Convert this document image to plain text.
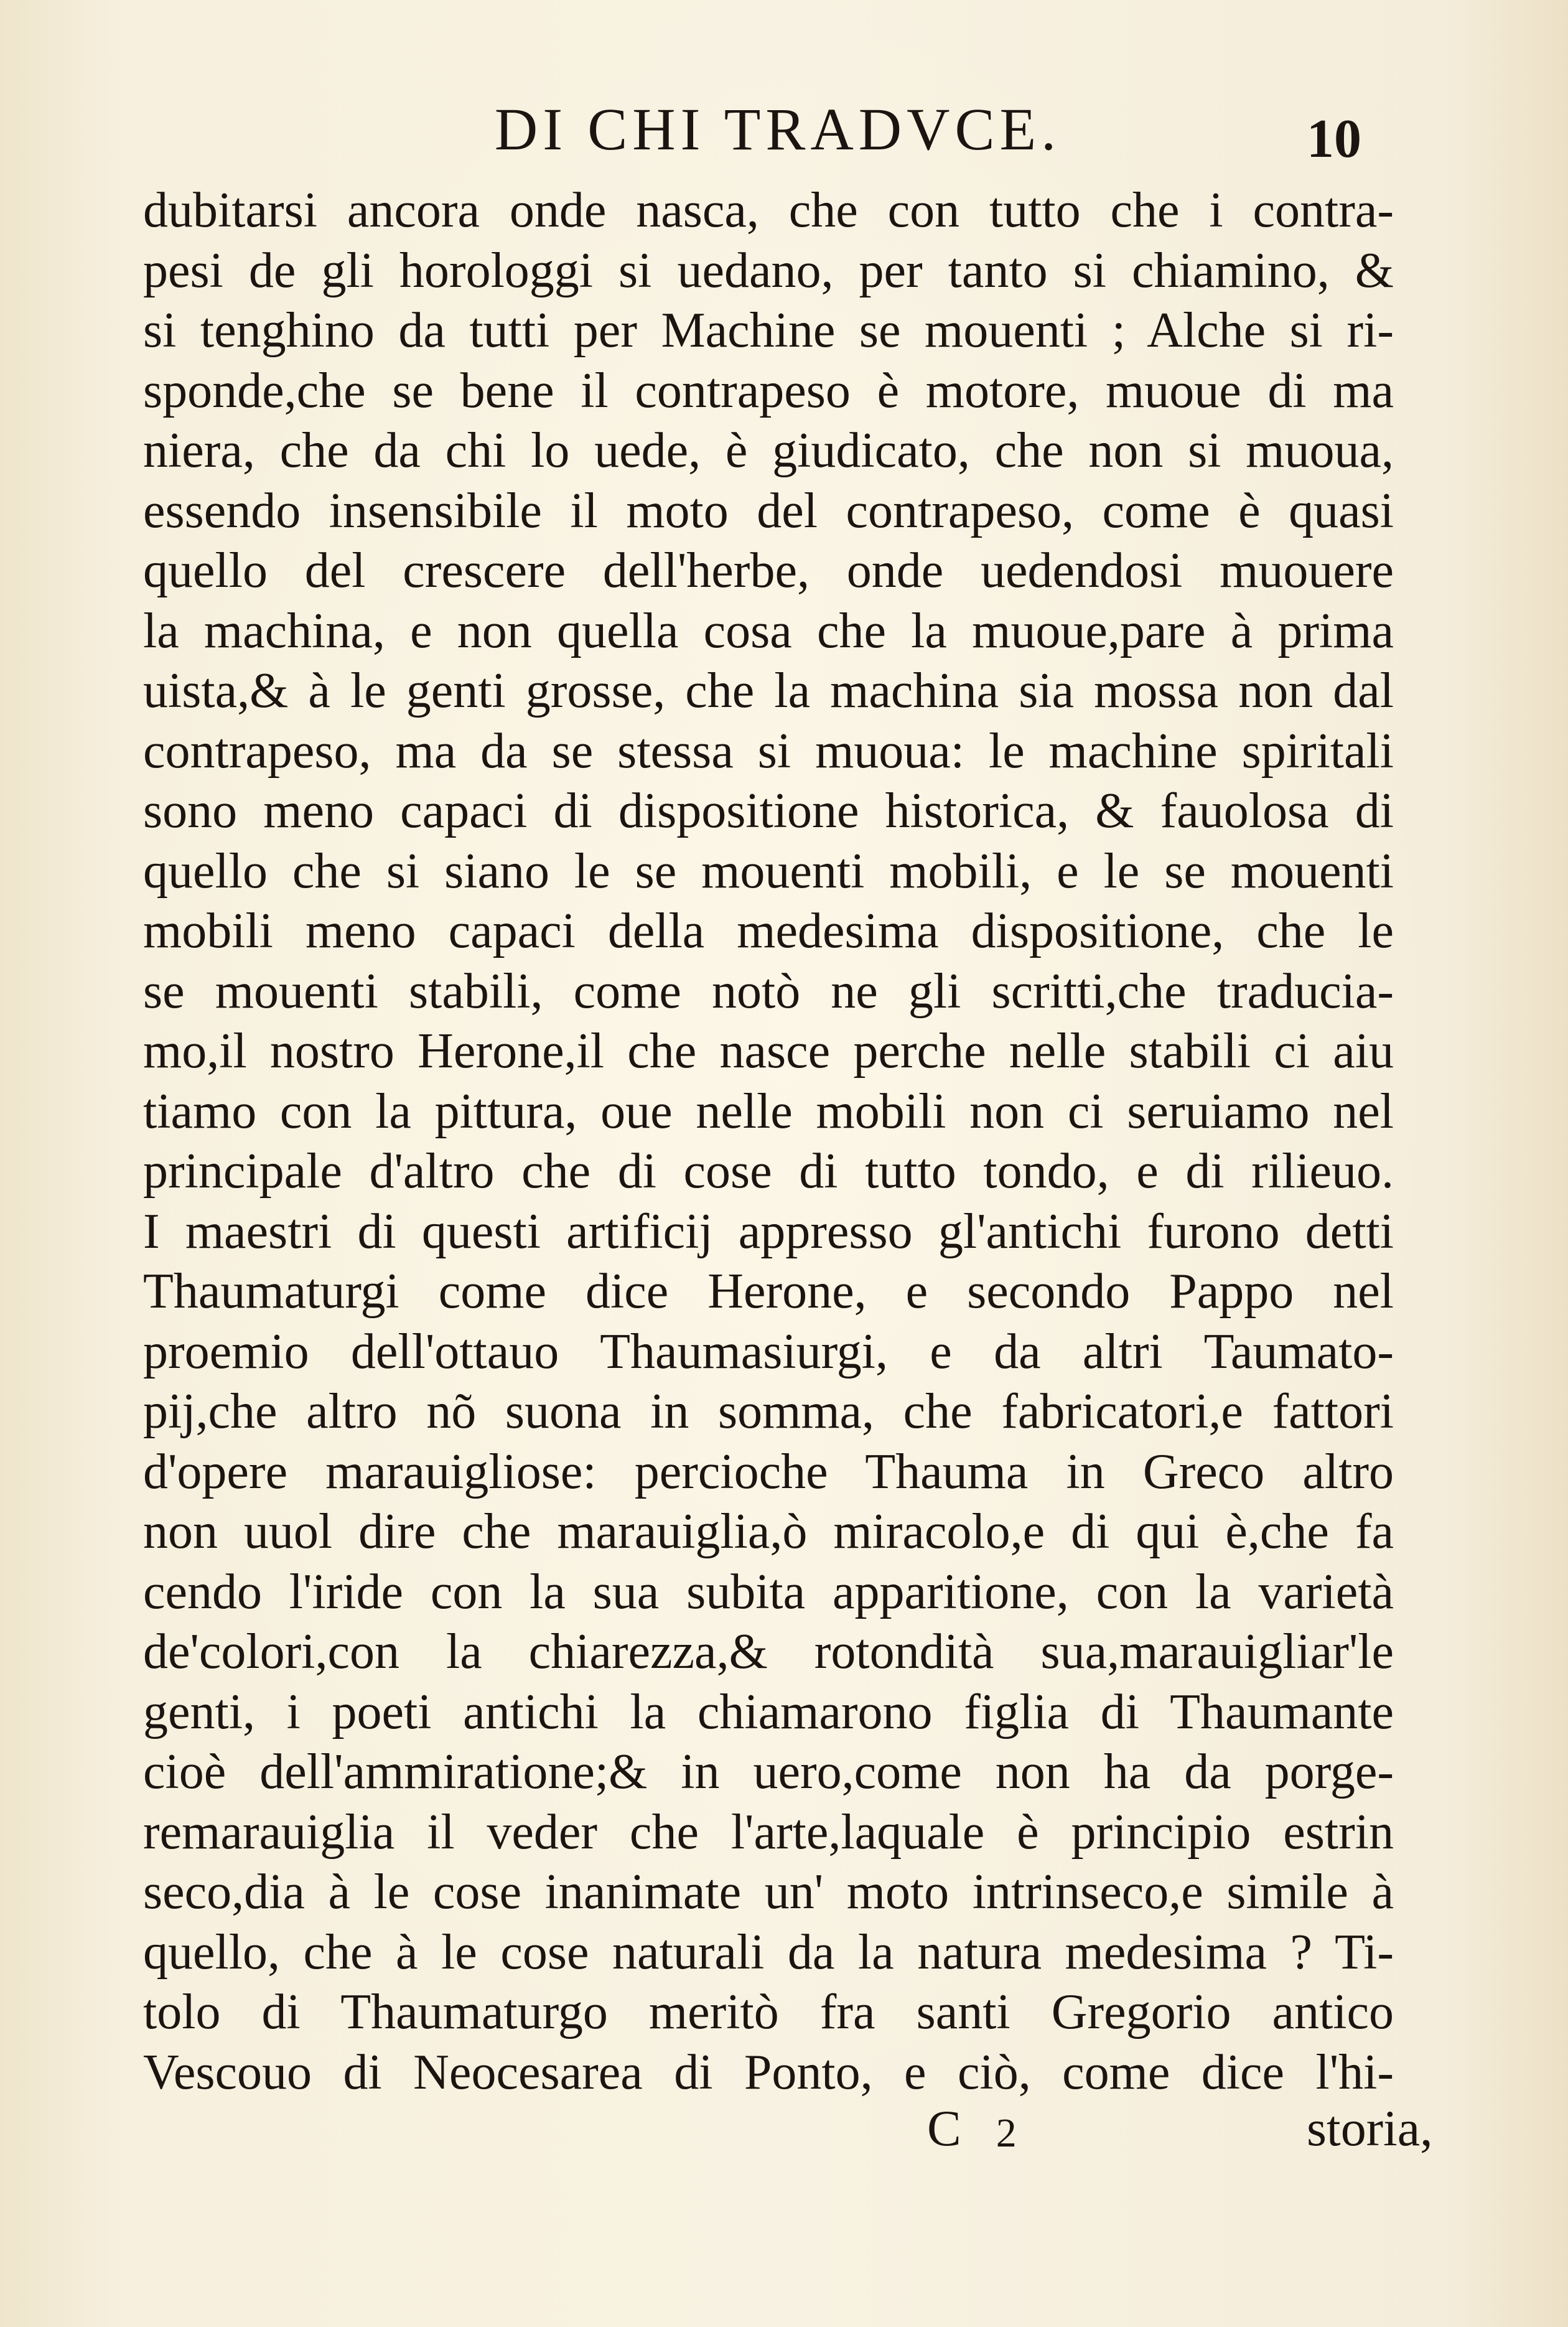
DI CHI TRADVCE.	10
dubitarsi ancora onde nasca, che con tutto che i contra-
pesi de gli horologgi si uedano, per tanto si chiamino, &
si tenghino da tutti per Machine se mouenti ; Alche si ri-
sponde,che se bene il contrapeso è motore, muoue di ma
niera, che da chi lo uede, è giudicato, che non si muoua,
essendo insensibile il moto del contrapeso, come è quasi
quello del crescere dell'herbe, onde uedendosi muouere
la machina, e non quella cosa che la muoue,pare à prima
uista,& à le genti grosse, che la machina sia mossa non dal
contrapeso, ma da se stessa si muoua: le machine spiritali
sono meno capaci di dispositione historica, & fauolosa di
quello che si siano le se mouenti mobili, e le se mouenti
mobili meno capaci della medesima dispositione, che le
se mouenti stabili, come notò ne gli scritti,che traducia-
mo,il nostro Herone,il che nasce perche nelle stabili ci aiu
tiamo con la pittura, oue nelle mobili non ci seruiamo nel
principale d'altro che di cose di tutto tondo, e di rilieuo.
I maestri di questi artificij appresso gl'antichi furono detti
Thaumaturgi come dice Herone, e secondo Pappo nel
proemio dell'ottauo Thaumasiurgi, e da altri Taumato-
pij,che altro nõ suona in somma, che fabricatori,e fattori
d'opere marauigliose: percioche Thauma in Greco altro
non uuol dire che marauiglia,ò miracolo,e di qui è,che fa
cendo l'iride con la sua subita apparitione, con la varietà
de'colori,con la chiarezza,& rotondità sua,marauigliar'le
genti, i poeti antichi la chiamarono figlia di Thaumante
cioè dell'ammiratione;& in uero,come non ha da porge-
remarauiglia il veder che l'arte,laquale è principio estrin
seco,dia à le cose inanimate un' moto intrinseco,e simile à
quello, che à le cose naturali da la natura medesima ? Ti-
tolo di Thaumaturgo meritò fra santi Gregorio antico
Vescouo di Neocesarea di Ponto, e ciò, come dice l'hi-
C 2	storia,
